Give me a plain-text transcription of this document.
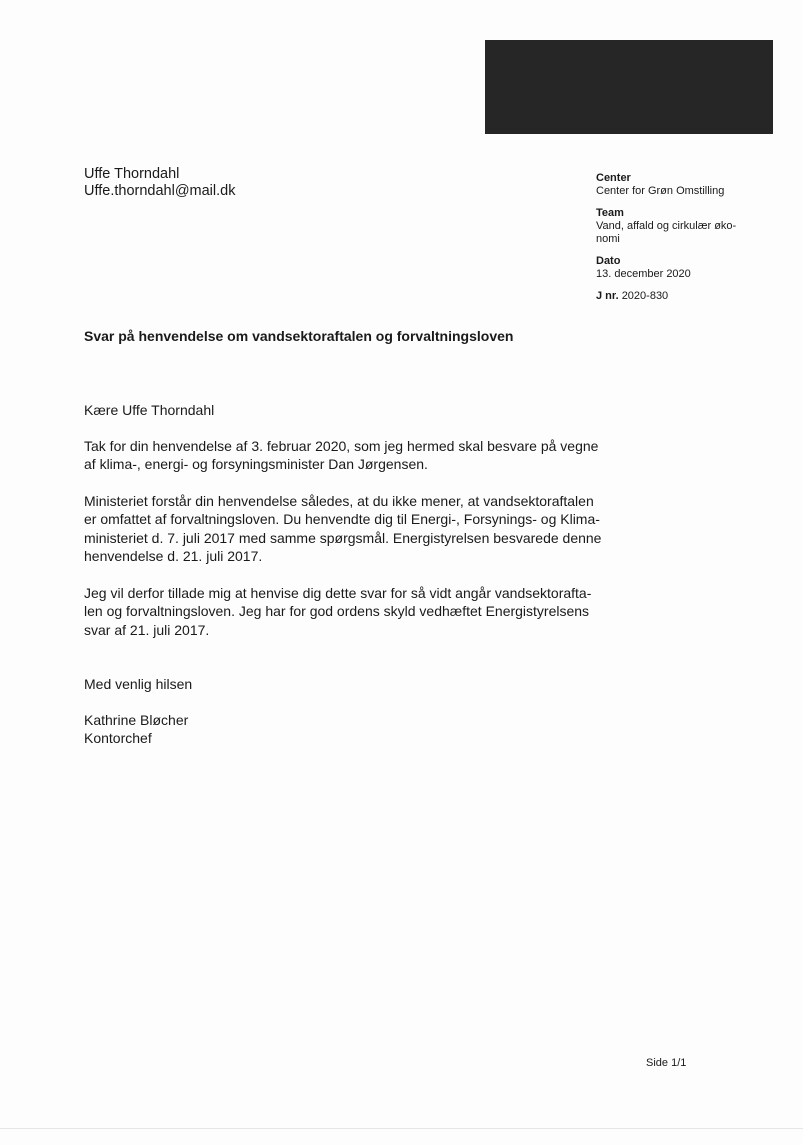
Uffe Thorndahl
Uffe.thorndahl@mail.dk
Center
Center for Grøn Omstilling
Team
Vand, affald og cirkulær øko-
nomi
Dato
13. december 2020
J nr. 2020-830
Svar på henvendelse om vandsektoraftalen og forvaltningsloven
Kære Uffe Thorndahl
Tak for din henvendelse af 3. februar 2020, som jeg hermed skal besvare på vegne
af klima-, energi- og forsyningsminister Dan Jørgensen.
Ministeriet forstår din henvendelse således, at du ikke mener, at vandsektoraftalen
er omfattet af forvaltningsloven. Du henvendte dig til Energi-, Forsynings- og Klima-
ministeriet d. 7. juli 2017 med samme spørgsmål. Energistyrelsen besvarede denne
henvendelse d. 21. juli 2017.
Jeg vil derfor tillade mig at henvise dig dette svar for så vidt angår vandsektorafta-
len og forvaltningsloven. Jeg har for god ordens skyld vedhæftet Energistyrelsens
svar af 21. juli 2017.
Med venlig hilsen
Kathrine Bløcher
Kontorchef
Side 1/1
